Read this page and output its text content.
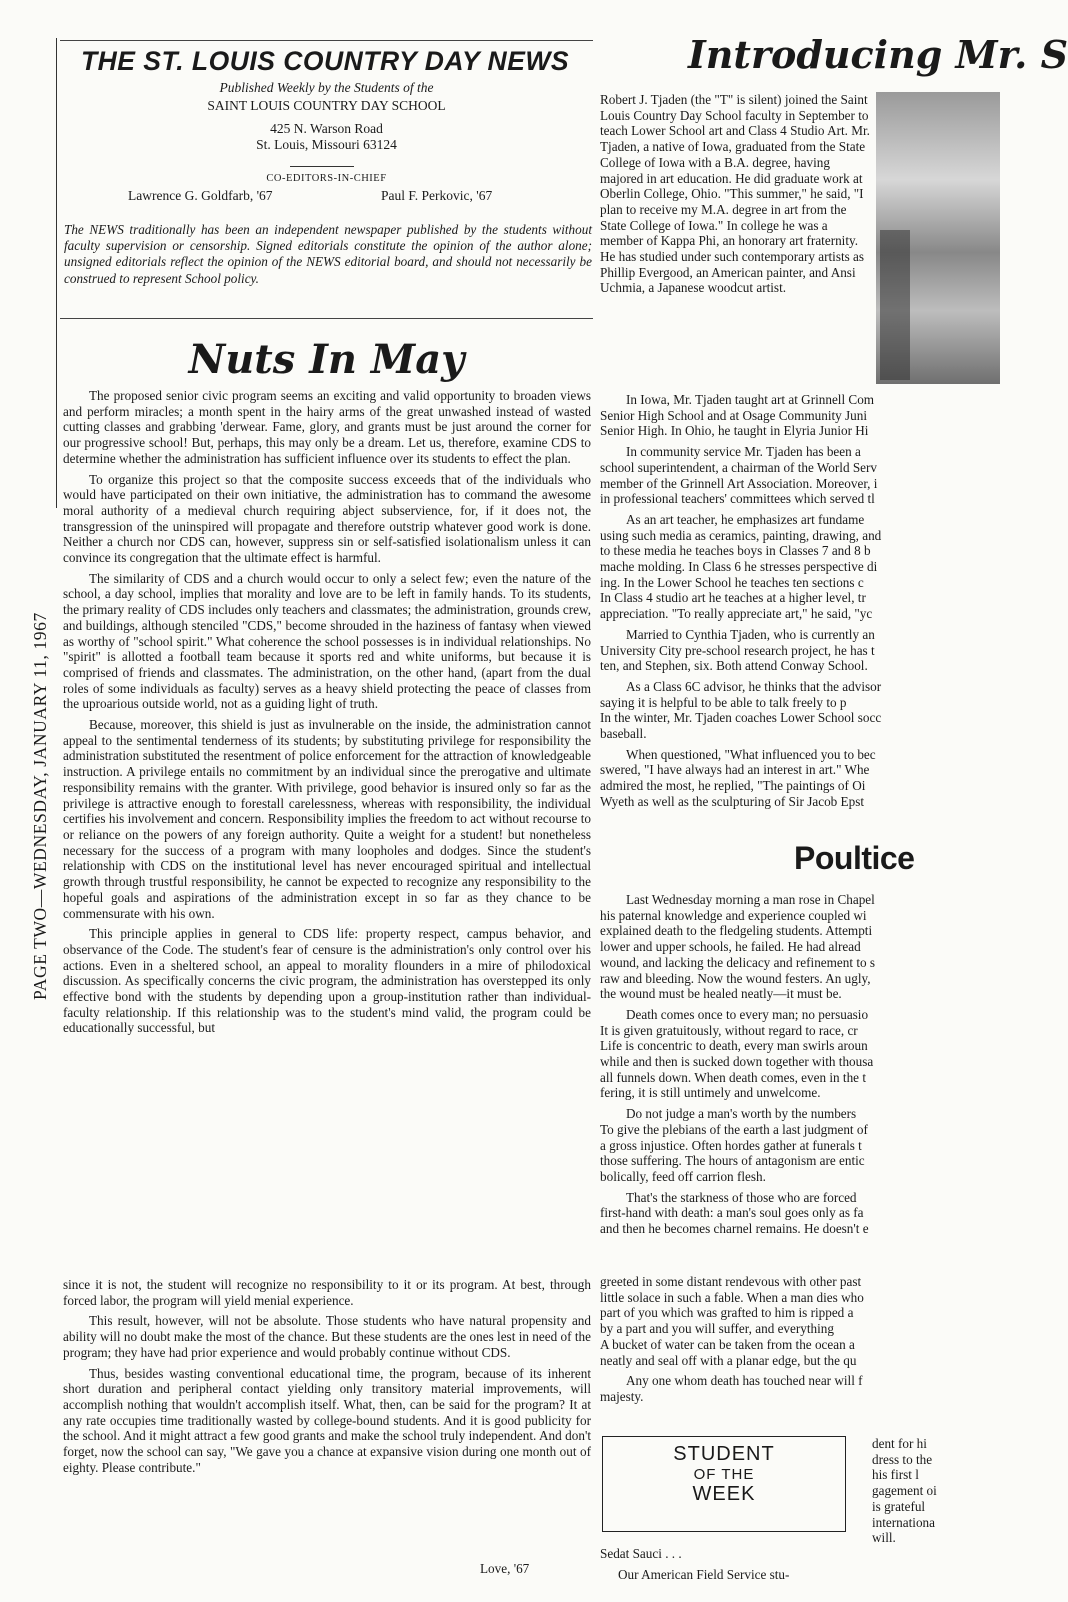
PAGE TWO—WEDNESDAY, JANUARY 11, 1967
THE ST. LOUIS COUNTRY DAY NEWS
Published Weekly by the Students of the
SAINT LOUIS COUNTRY DAY SCHOOL
425 N. Warson Road
St. Louis, Missouri 63124
CO-EDITORS-IN-CHIEF
Lawrence G. Goldfarb, '67	Paul F. Perkovic, '67
The NEWS traditionally has been an independent newspaper published by the students without faculty supervision or censorship. Signed editorials constitute the opinion of the author alone; unsigned editorials reflect the opinion of the NEWS editorial board, and should not necessarily be construed to represent School policy.
Nuts In May

The proposed senior civic program seems an exciting and valid opportunity to broaden views and perform miracles; a month spent in the hairy arms of the great unwashed instead of wasted cutting classes and grabbing 'derwear. Fame, glory, and grants must be just around the corner for our progressive school! But, perhaps, this may only be a dream. Let us, therefore, examine CDS to determine whether the administration has sufficient influence over its students to effect the plan.

To organize this project so that the composite success exceeds that of the individuals who would have participated on their own initiative, the administration has to command the awesome moral authority of a medieval church requiring abject subservience, for, if it does not, the transgression of the uninspired will propagate and therefore outstrip whatever good work is done. Neither a church nor CDS can, however, suppress sin or self-satisfied isolationalism unless it can convince its congregation that the ultimate effect is harmful.

The similarity of CDS and a church would occur to only a select few; even the nature of the school, a day school, implies that morality and love are to be left in family hands. To its students, the primary reality of CDS includes only teachers and classmates; the administration, grounds crew, and buildings, although stenciled "CDS," become shrouded in the haziness of fantasy when viewed as worthy of "school spirit." What coherence the school possesses is in individual relationships. No "spirit" is allotted a football team because it sports red and white uniforms, but because it is comprised of friends and classmates. The administration, on the other hand, (apart from the dual roles of some individuals as faculty) serves as a heavy shield protecting the peace of classes from the uproarious outside world, not as a guiding light of truth.

Because, moreover, this shield is just as invulnerable on the inside, the administration cannot appeal to the sentimental tenderness of its students; by substituting privilege for responsibility the administration substituted the resentment of police enforcement for the attraction of knowledgeable instruction. A privilege entails no commitment by an individual since the prerogative and ultimate responsibility remains with the granter. With privilege, good behavior is insured only so far as the privilege is attractive enough to forestall carelessness, whereas with responsibility, the individual certifies his involvement and concern. Responsibility implies the freedom to act without recourse to or reliance on the powers of any foreign authority. Quite a weight for a student! but nonetheless necessary for the success of a program with many loopholes and dodges. Since the student's relationship with CDS on the institutional level has never encouraged spiritual and intellectual growth through trustful responsibility, he cannot be expected to recognize any responsibility to the hopeful goals and aspirations of the administration except in so far as they chance to be commensurate with his own.

This principle applies in general to CDS life: property respect, campus behavior, and observance of the Code. The student's fear of censure is the administration's only control over his actions. Even in a sheltered school, an appeal to morality flounders in a mire of philodoxical discussion. As specifically concerns the civic program, the administration has overstepped its only effective bond with the students by depending upon a group-institution rather than individual-faculty relationship. If this relationship was to the student's mind valid, the program could be educationally successful, but

since it is not, the student will recognize no responsibility to it or its program. At best, through forced labor, the program will yield menial experience.

This result, however, will not be absolute. Those students who have natural propensity and ability will no doubt make the most of the chance. But these students are the ones lest in need of the program; they have had prior experience and would probably continue without CDS.

Thus, besides wasting conventional educational time, the program, because of its inherent short duration and peripheral contact yielding only transitory material improvements, will accomplish nothing that wouldn't accomplish itself. What, then, can be said for the program? It at any rate occupies time traditionally wasted by college-bound students. And it is good publicity for the school. And it might attract a few good grants and make the school truly independent. And don't forget, now the school can say, "We gave you a chance at expansive vision during one month out of eighty. Please contribute."

Love, '67
Introducing Mr. S

Robert J. Tjaden (the "T" is silent) joined the Saint Louis Country Day School faculty in September to teach Lower School art and Class 4 Studio Art. Mr. Tjaden, a native of Iowa, graduated from the State College of Iowa with a B.A. degree, having majored in art education. He did graduate work at Oberlin College, Ohio. "This summer," he said, "I plan to receive my M.A. degree in art from the State College of Iowa." In college he was a member of Kappa Phi, an honorary art fraternity. He has studied under such contemporary artists as Phillip Evergood, an American painter, and Ansi Uchmia, a Japanese woodcut artist.

In Iowa, Mr. Tjaden taught art at Grinnell Com

Senior High School and at Osage Community Juni

Senior High. In Ohio, he taught in Elyria Junior Hi

In community service Mr. Tjaden has been a

school superintendent, a chairman of the World Serv

member of the Grinnell Art Association. Moreover, i

in professional teachers' committees which served tl

As an art teacher, he emphasizes art fundame

using such media as ceramics, painting, drawing, and

to these media he teaches boys in Classes 7 and 8 b

mache molding. In Class 6 he stresses perspective di

ing. In the Lower School he teaches ten sections c

In Class 4 studio art he teaches at a higher level, tr

appreciation. "To really appreciate art," he said, "yc

Married to Cynthia Tjaden, who is currently an

University City pre-school research project, he has t

ten, and Stephen, six. Both attend Conway School.

As a Class 6C advisor, he thinks that the advisor

saying it is helpful to be able to talk freely to p

In the winter, Mr. Tjaden coaches Lower School socc

baseball.

When questioned, "What influenced you to bec

swered, "I have always had an interest in art." Whe

admired the most, he replied, "The paintings of Oi

Wyeth as well as the sculpturing of Sir Jacob Epst

Poultice

Last Wednesday morning a man rose in Chapel

his paternal knowledge and experience coupled wi

explained death to the fledgeling students. Attempti

lower and upper schools, he failed. He had alread

wound, and lacking the delicacy and refinement to s

raw and bleeding. Now the wound festers. An ugly,

the wound must be healed neatly—it must be.

Death comes once to every man; no persuasio

It is given gratuitously, without regard to race, cr

Life is concentric to death, every man swirls aroun

while and then is sucked down together with thousa

all funnels down. When death comes, even in the t

fering, it is still untimely and unwelcome.

Do not judge a man's worth by the numbers

To give the plebians of the earth a last judgment of

a gross injustice. Often hordes gather at funerals t

those suffering. The hours of antagonism are entic

bolically, feed off carrion flesh.

That's the starkness of those who are forced

first-hand with death: a man's soul goes only as fa

and then he becomes charnel remains. He doesn't e

greeted in some distant rendevous with other past

little solace in such a fable. When a man dies who

part of you which was grafted to him is ripped a

by a part and you will suffer, and everything

A bucket of water can be taken from the ocean a

neatly and seal off with a planar edge, but the qu

Any one whom death has touched near will f

majesty.

STUDENT
OF THE
WEEK

dent for hi

dress to the

his first l

gagement oi

is grateful

internationa

will.

Sedat Sauci . . .

Our American Field Service stu-
